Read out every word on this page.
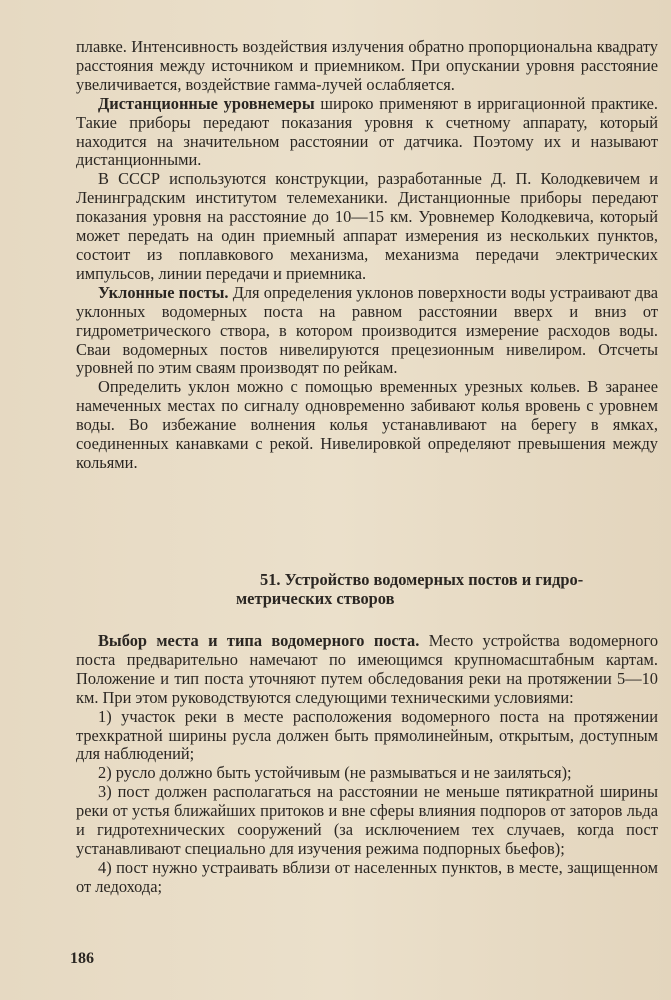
плавке. Интенсивность воздействия излучения обратно пропорциональна квадрату расстояния между источником и приемником. При опускании уровня расстояние увеличивается, воздействие гамма-лучей ослабляется.

Дистанционные уровнемеры широко применяют в ирригационной практике. Такие приборы передают показания уровня к счетному аппарату, который находится на значительном расстоянии от датчика. Поэтому их и называют дистанционными.

В СССР используются конструкции, разработанные Д. П. Колодкевичем и Ленинградским институтом телемеханики. Дистанционные приборы передают показания уровня на расстояние до 10—15 км. Уровнемер Колодкевича, который может передать на один приемный аппарат измерения из нескольких пунктов, состоит из поплавкового механизма, механизма передачи электрических импульсов, линии передачи и приемника.

Уклонные посты. Для определения уклонов поверхности воды устраивают два уклонных водомерных поста на равном расстоянии вверх и вниз от гидрометрического створа, в котором производится измерение расходов воды. Сваи водомерных постов нивелируются прецезионным нивелиром. Отсчеты уровней по этим сваям производят по рейкам.

Определить уклон можно с помощью временных урезных кольев. В заранее намеченных местах по сигналу одновременно забивают колья вровень с уровнем воды. Во избежание волнения колья устанавливают на берегу в ямках, соединенных канавками с рекой. Нивелировкой определяют превышения между кольями.

51. Устройство водомерных постов и гидро-
метрических створов

Выбор места и типа водомерного поста. Место устройства водомерного поста предварительно намечают по имеющимся крупномасштабным картам. Положение и тип поста уточняют путем обследования реки на протяжении 5—10 км. При этом руководствуются следующими техническими условиями:

1) участок реки в месте расположения водомерного поста на протяжении трехкратной ширины русла должен быть прямолинейным, открытым, доступным для наблюдений;

2) русло должно быть устойчивым (не размываться и не заиляться);

3) пост должен располагаться на расстоянии не меньше пятикратной ширины реки от устья ближайших притоков и вне сферы влияния подпоров от заторов льда и гидротехнических сооружений (за исключением тех случаев, когда пост устанавливают специально для изучения режима подпорных бьефов);

4) пост нужно устраивать вблизи от населенных пунктов, в месте, защищенном от ледохода;

186
